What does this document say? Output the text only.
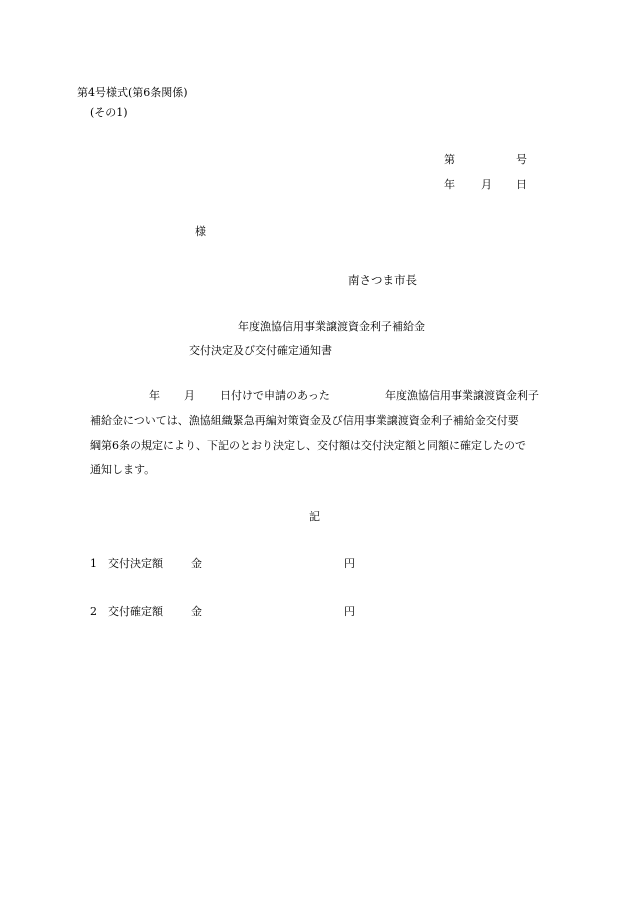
第4号様式(第6条関係)
(その1)
第	号
年 月 日
様
南さつま市長
年度漁協信用事業譲渡資金利子補給金
交付決定及び交付確定通知書
年 月 日付けで申請のあった	年度漁協信用事業譲渡資金利子
補給金については、漁協組織緊急再編対策資金及び信用事業譲渡資金利子補給金交付要
綱第6条の規定により、下記のとおり決定し、交付額は交付決定額と同額に確定したので
通知します。
記
1 交付決定額	金	円
2 交付確定額	金	円
